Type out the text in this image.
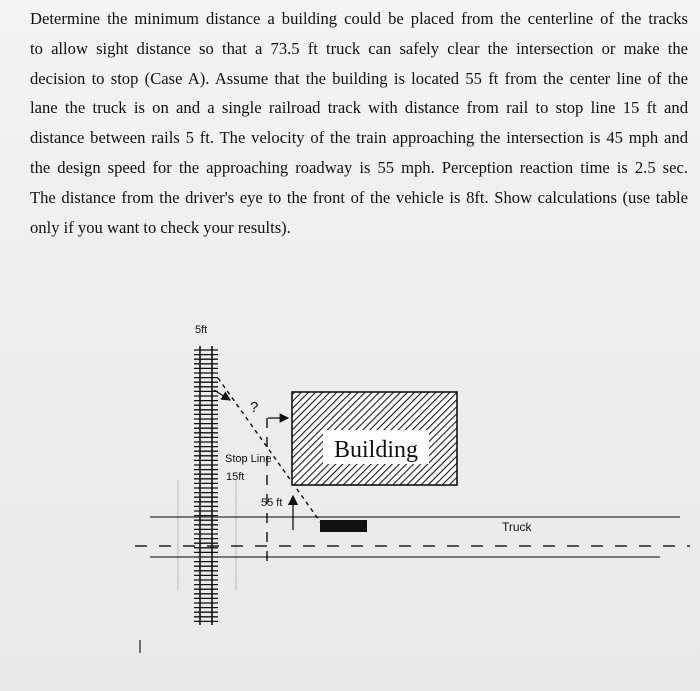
Determine the minimum distance a building could be placed from the centerline of the tracks
to allow sight distance so that a 73.5 ft truck can safely clear the intersection or make the
decision to stop (Case A). Assume that the building is located 55 ft from the center line of the
lane the truck is on and a single railroad track with distance from rail to stop line 15 ft and
distance between rails 5 ft. The velocity of the train approaching the intersection is 45 mph and
the design speed for the approaching roadway is 55 mph. Perception reaction time is 2.5 sec.
The distance from the driver's eye to the front of the vehicle is 8ft. Show calculations (use table
only if you want to check your results).
Building
5ft
?
Stop Line
15ft
55 ft
Truck
